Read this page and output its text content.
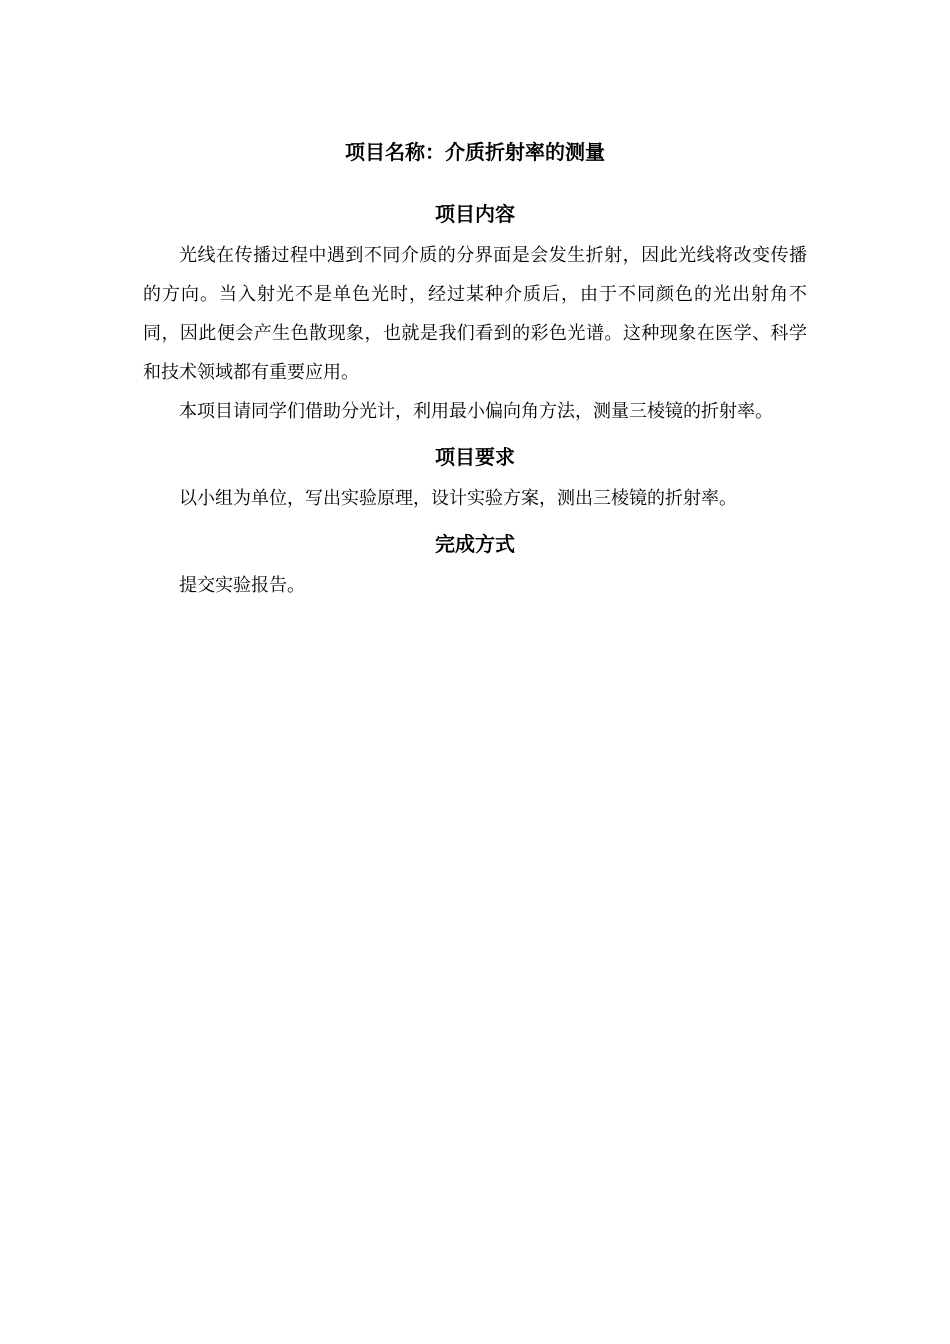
项目名称：介质折射率的测量
项目内容

光线在传播过程中遇到不同介质的分界面是会发生折射，因此光线将改变传播的方向。当入射光不是单色光时，经过某种介质后，由于不同颜色的光出射角不同，因此便会产生色散现象，也就是我们看到的彩色光谱。这种现象在医学、科学和技术领域都有重要应用。

本项目请同学们借助分光计，利用最小偏向角方法，测量三棱镜的折射率。

项目要求

以小组为单位，写出实验原理，设计实验方案，测出三棱镜的折射率。

完成方式

提交实验报告。
